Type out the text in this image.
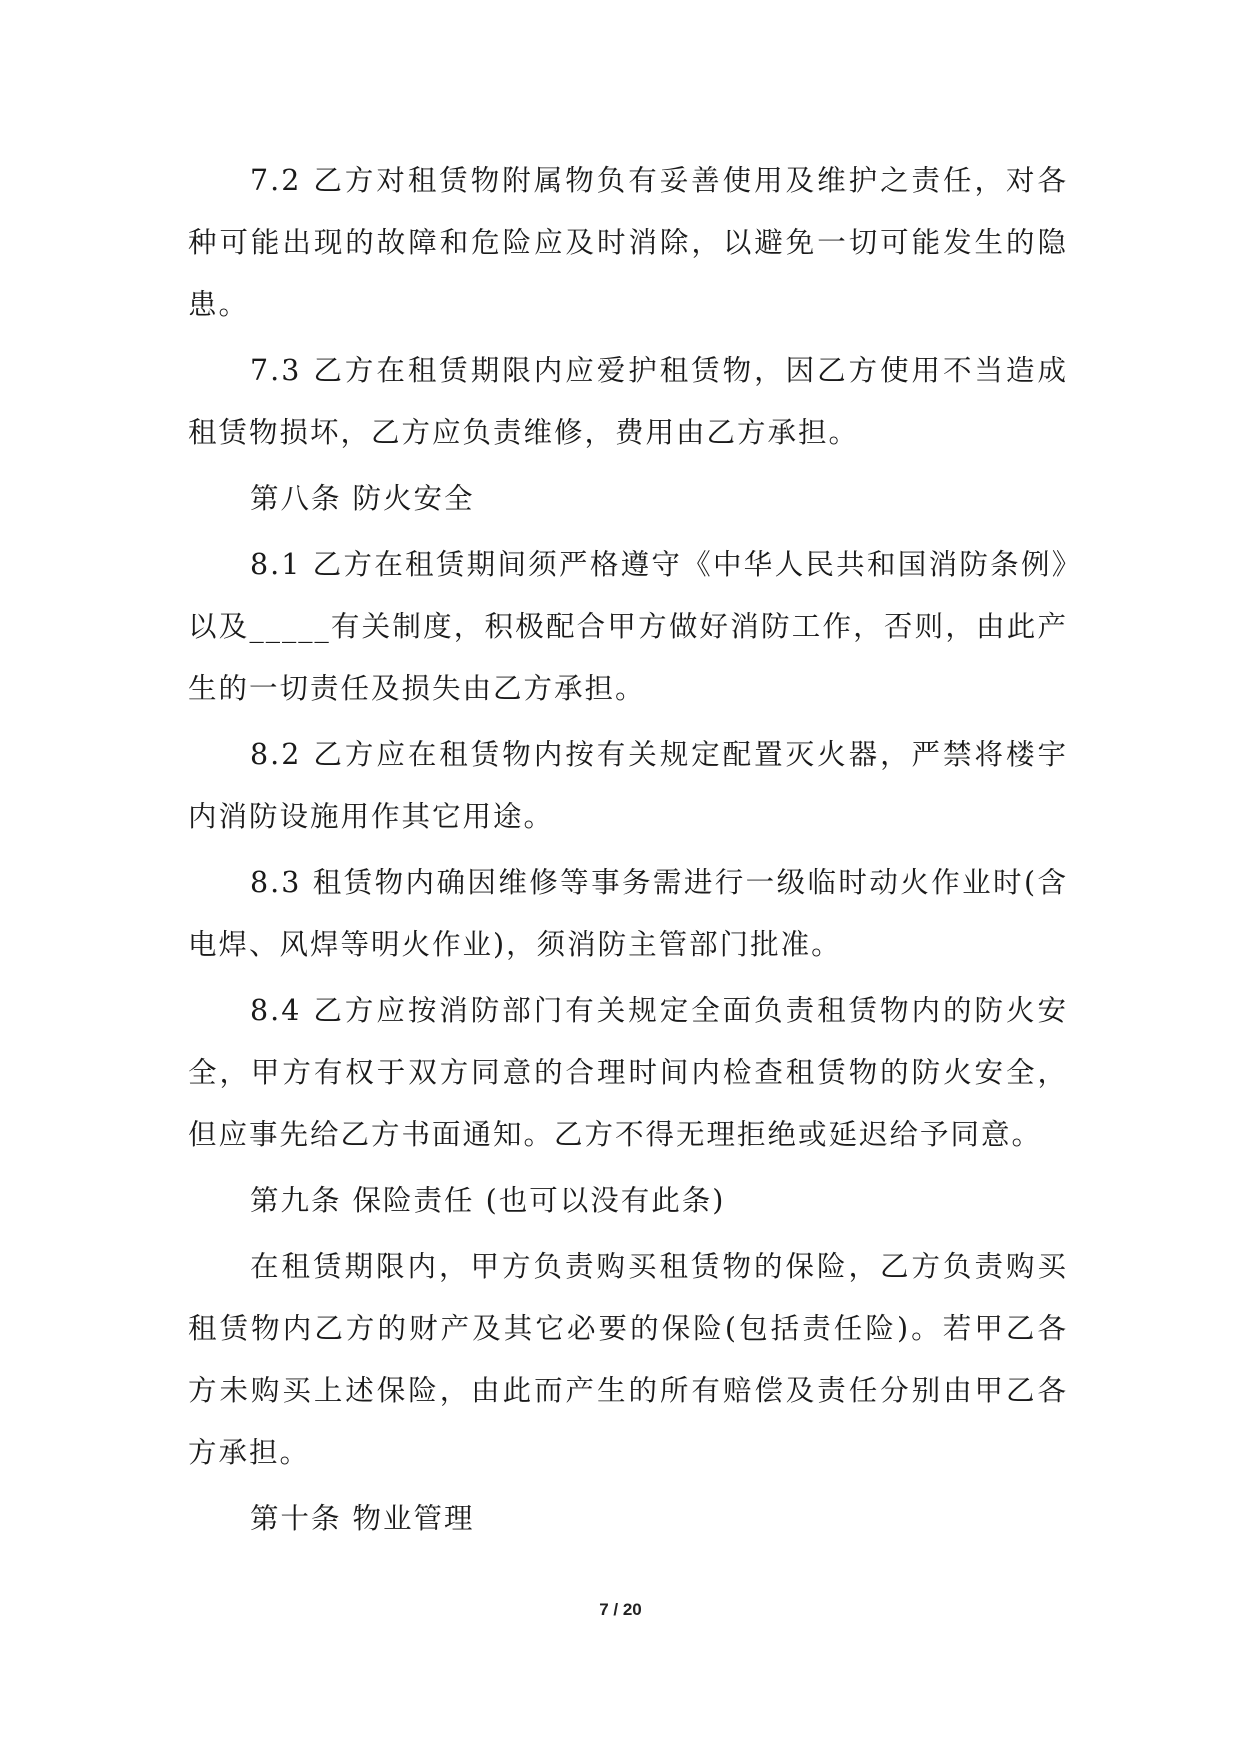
7.2 乙方对租赁物附属物负有妥善使用及维护之责任，对各种可能出现的故障和危险应及时消除，以避免一切可能发生的隐患。

7.3 乙方在租赁期限内应爱护租赁物，因乙方使用不当造成租赁物损坏，乙方应负责维修，费用由乙方承担。

第八条 防火安全

8.1 乙方在租赁期间须严格遵守《中华人民共和国消防条例》以及_____有关制度，积极配合甲方做好消防工作，否则，由此产生的一切责任及损失由乙方承担。

8.2 乙方应在租赁物内按有关规定配置灭火器，严禁将楼宇内消防设施用作其它用途。

8.3 租赁物内确因维修等事务需进行一级临时动火作业时(含电焊、风焊等明火作业)，须消防主管部门批准。

8.4 乙方应按消防部门有关规定全面负责租赁物内的防火安全，甲方有权于双方同意的合理时间内检查租赁物的防火安全，但应事先给乙方书面通知。乙方不得无理拒绝或延迟给予同意。

第九条 保险责任 (也可以没有此条)

在租赁期限内，甲方负责购买租赁物的保险，乙方负责购买租赁物内乙方的财产及其它必要的保险(包括责任险)。若甲乙各方未购买上述保险，由此而产生的所有赔偿及责任分别由甲乙各方承担。

第十条 物业管理

7 / 20
